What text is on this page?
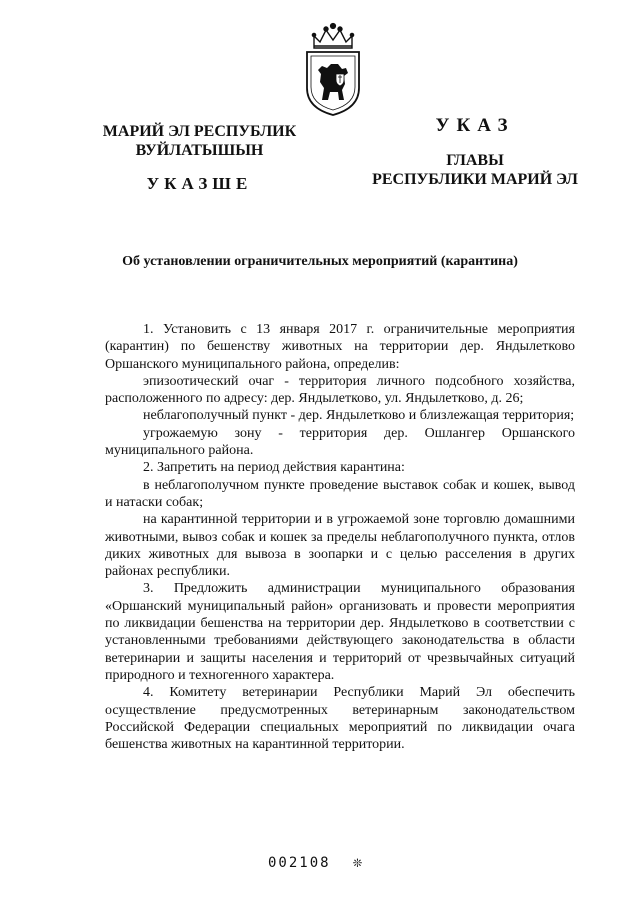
МАРИЙ ЭЛ РЕСПУБЛИК
ВУЙЛАТЫШЫН
УКАЗШЕ
УКАЗ
ГЛАВЫ
РЕСПУБЛИКИ МАРИЙ ЭЛ
Об установлении ограничительных мероприятий (карантина)

1. Установить с 13 января 2017 г. ограничительные мероприятия (карантин) по бешенству животных на территории дер. Яндылетково Оршанского муниципального района, определив:

эпизоотический очаг - территория личного подсобного хозяйства, расположенного по адресу: дер. Яндылетково, ул. Яндылетково, д. 26;

неблагополучный пункт - дер. Яндылетково и близлежащая территория;

угрожаемую зону - территория дер. Ошлангер Оршанского муниципального района.

2. Запретить на период действия карантина:

в неблагополучном пункте проведение выставок собак и кошек, вывод и натаски собак;

на карантинной территории и в угрожаемой зоне торговлю домашними животными, вывоз собак и кошек за пределы неблагополучного пункта, отлов диких животных для вывоза в зоопарки и с целью расселения в других районах республики.

3. Предложить администрации муниципального образования «Оршанский муниципальный район» организовать и провести мероприятия по ликвидации бешенства на территории дер. Яндылетково в соответствии с установленными требованиями действующего законодательства в области ветеринарии и защиты населения и территорий от чрезвычайных ситуаций природного и техногенного характера.

4. Комитету ветеринарии Республики Марий Эл обеспечить осуществление предусмотренных ветеринарным законодательством Российской Федерации специальных мероприятий по ликвидации очага бешенства животных на карантинной территории.

002108 ❊
